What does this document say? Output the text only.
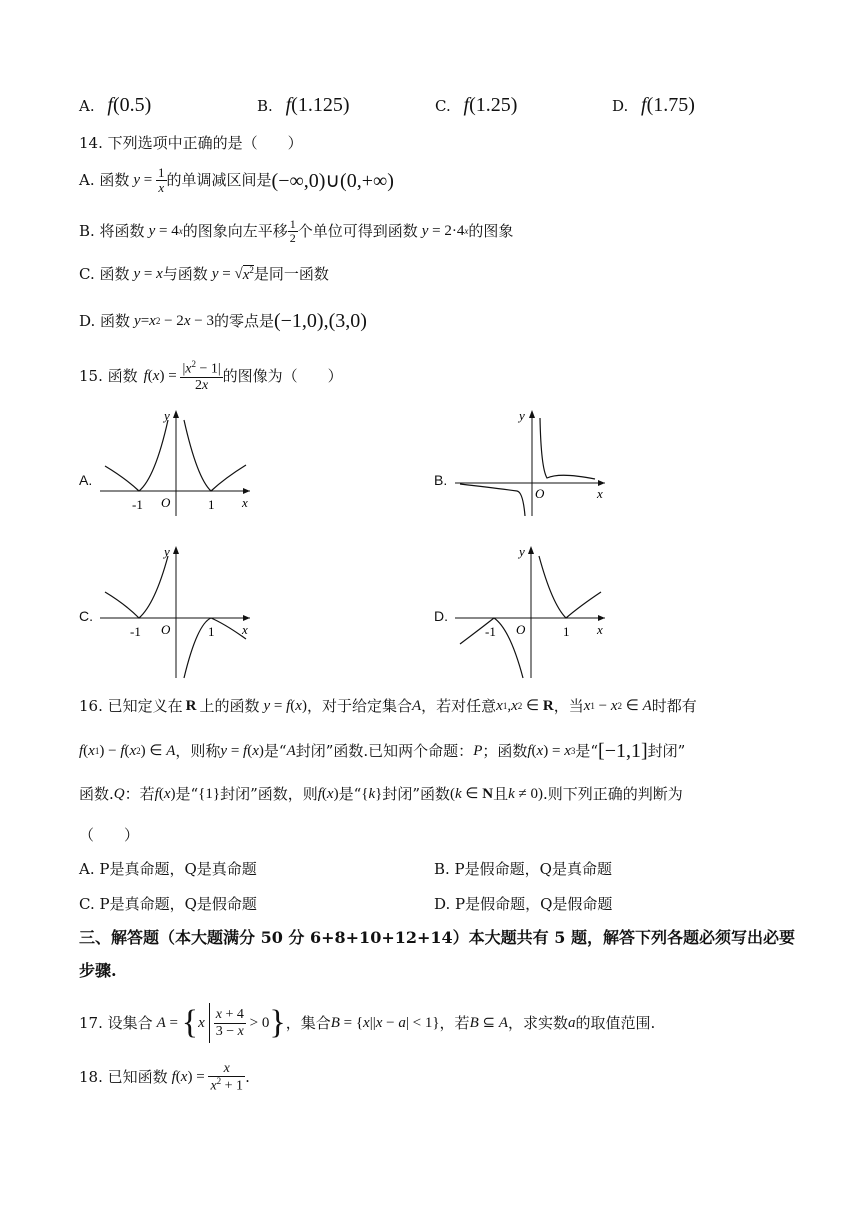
A. f(0.5)	B. f(1.125)	C. f(1.25)	D. f(1.75)
14. 下列选项中正确的是（　　）
A. 函数 $y = \frac{1}{x}$ 的单调减区间是 (−∞,0)∪(0,+∞)
B. 将函数 y = 4 x 的图象向左平移 $\frac{1}{2}$ 个单位可得到函数 y = 2·4 x 的图象
C. 函数 y = x 与函数 y = √ $x^2$ 是同一函数
D. 函数 y = x 2 − 2 x − 3 的零点是 (−1,0),(3,0)
15. 函数 f ( x ) = $\frac{|x^2 - 1|}{2x}$ 的图像为（　　）
A.
y
x
O
-1	1
B.
y
x
O
C.
y
x
O
-1	1
D.
y
x
O
-1	1
16. 已知定义在 R 上的函数 y = f ( x ) ，对于给定集合 A ，若对任意 x 1 , x 2 ∈ R ，当 x 1 − x 2 ∈ A 时都有
f ( x 1 ) − f ( x 2 ) ∈ A ，则称 y = f ( x ) 是“ A 封闭”函数.已知两个命题： P ；函数 f ( x ) = x 3 是“ [−1,1] 封闭”
函数. Q ：若 f ( x ) 是“ {1} 封闭”函数，则 f ( x ) 是“ { k } 封闭”函数 ( k ∈ N 且 k ≠ 0) .则下列正确的判断为
（　　）
A. P是真命题，Q是真命题	B. P是假命题，Q是真命题
C. P是真命题，Q是假命题	D. P是假命题，Q是假命题
三、解答题（本大题满分 50 分 6+8+10+12+14）本大题共有 5 题，解答下列各题必须写出必要
步骤.
17. 设集合 A = { x $\frac{x + 4}{3 - x} > 0$ } ，集合 B = { x || x − a | < 1} ，若 B ⊆ A ，求实数 a 的取值范围.
18. 已知函数 f ( x ) = $\frac{x}{x^2 + 1}$ .
